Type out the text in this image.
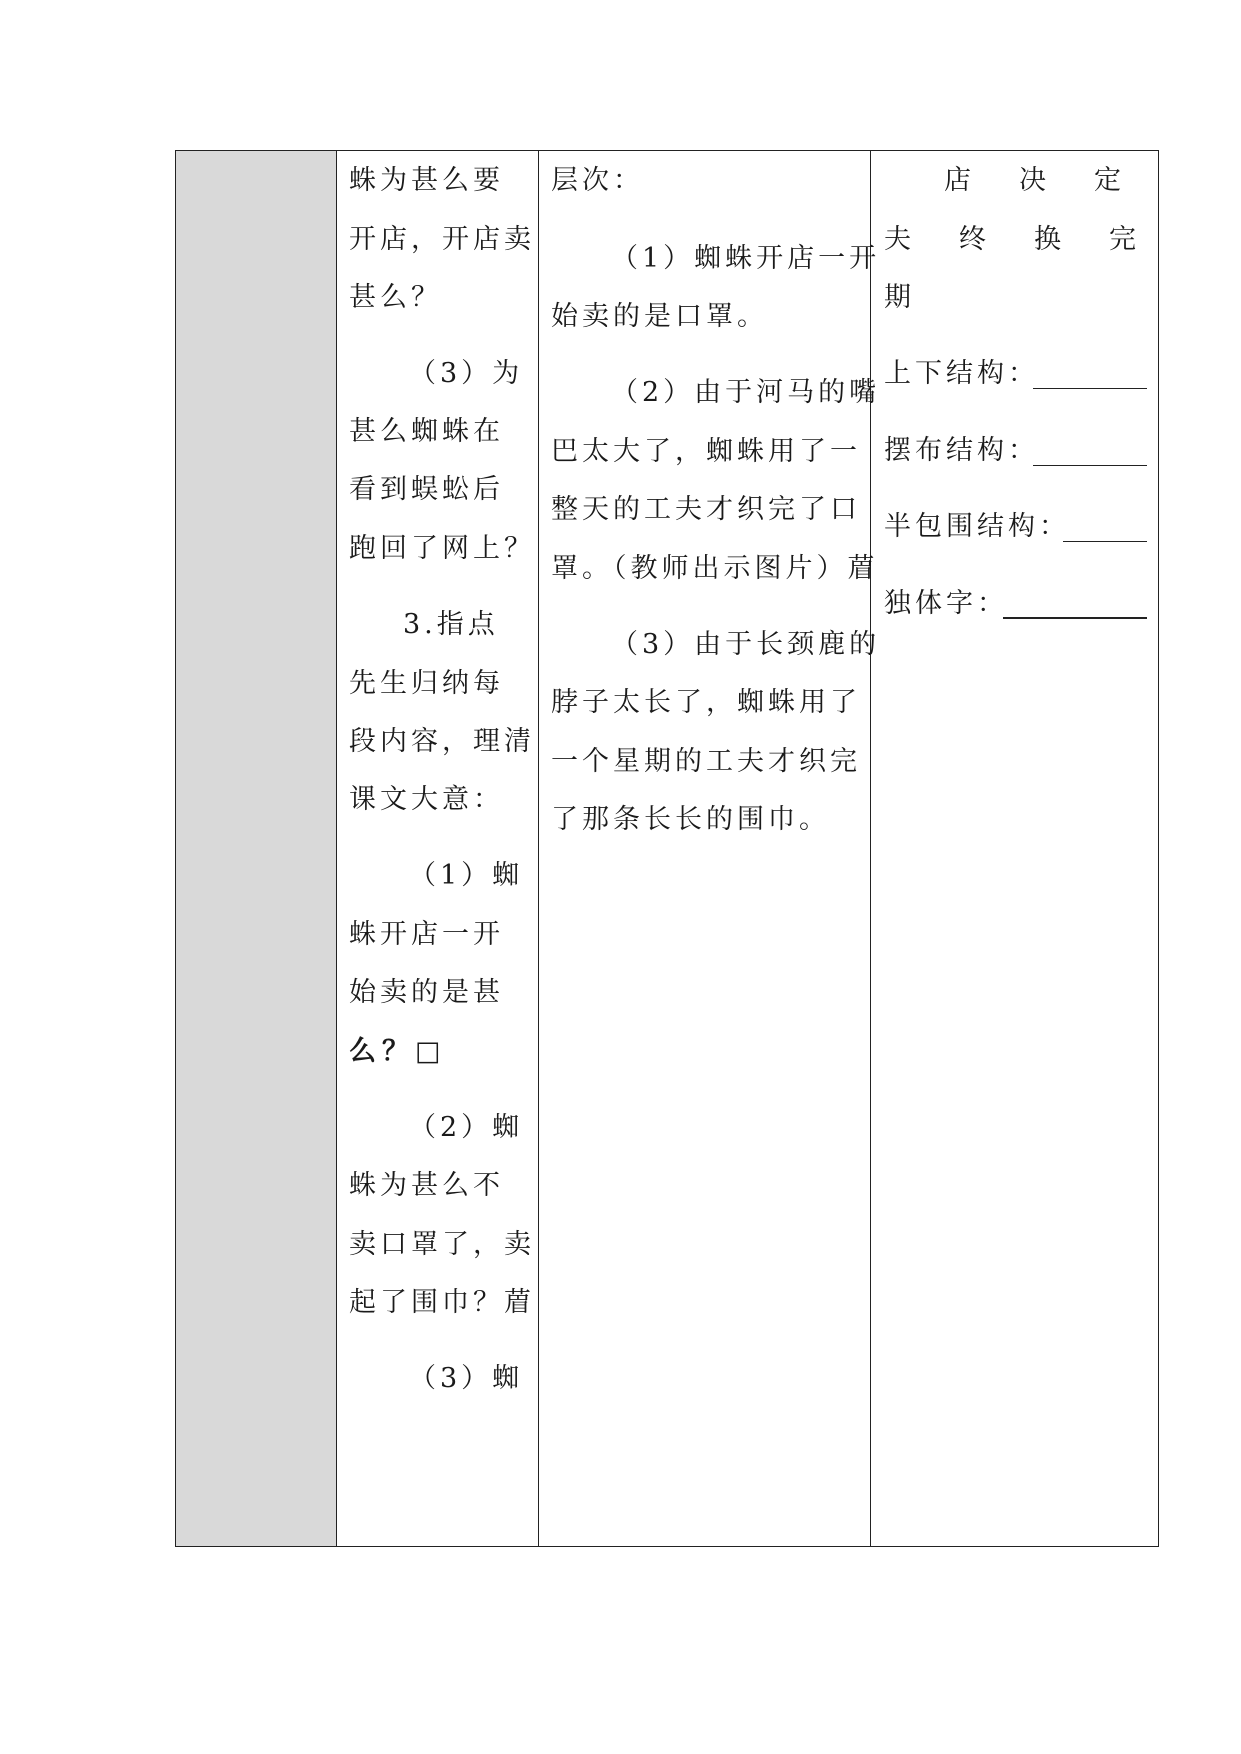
蛛为甚么要
开店，开店卖
甚么？
（3）为
甚么蜘蛛在
看到蜈蚣后
跑回了网上？
3.指点
先生归纳每
段内容，理清
课文大意：
（1）蜘
蛛开店一开
始卖的是甚
么？□
（2）蜘
蛛为甚么不
卖口罩了，卖
起了围巾？葿
（3）蜘
层次：
（1）蜘蛛开店一开
始卖的是口罩。
（2）由于河马的嘴
巴太大了，蜘蛛用了一
整天的工夫才织完了口
罩。（教师出示图片）葿
（3）由于长颈鹿的
脖子太长了，蜘蛛用了
一个星期的工夫才织完
了那条长长的围巾。
店 决 定
夫 终 换 完
期
上下结构：
摆布结构：
半包围结构：
独体字：
